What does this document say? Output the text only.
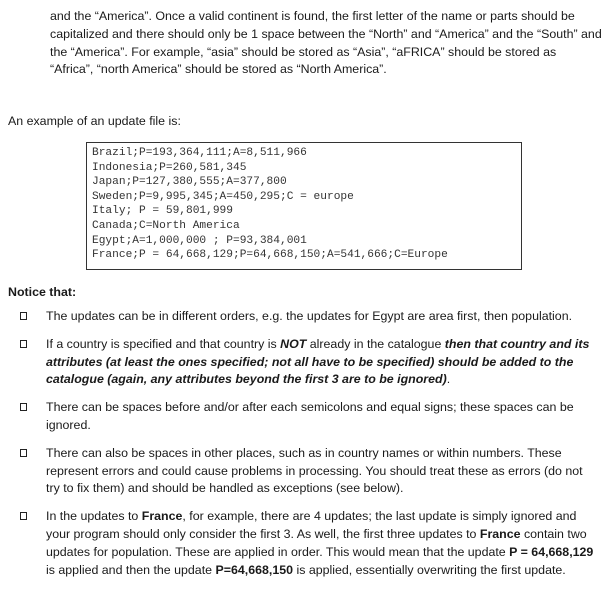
and the “America”. Once a valid continent is found, the first letter of the name or parts should be capitalized and there should only be 1 space between the “North” and “America” and the “South” and the “America”. For example, “asia” should be stored as “Asia”, “aFRICA” should be stored as “Africa”, “north America” should be stored as “North America”.
An example of an update file is:
Brazil;P=193,364,111;A=8,511,966
Indonesia;P=260,581,345
Japan;P=127,380,555;A=377,800
Sweden;P=9,995,345;A=450,295;C = europe
Italy; P = 59,801,999
Canada;C=North America
Egypt;A=1,000,000 ; P=93,384,001
France;P = 64,668,129;P=64,668,150;A=541,666;C=Europe
Notice that:
The updates can be in different orders, e.g. the updates for Egypt are area first, then population.
If a country is specified and that country is NOT already in the catalogue then that country and its attributes (at least the ones specified; not all have to be specified) should be added to the catalogue (again, any attributes beyond the first 3 are to be ignored).
There can be spaces before and/or after each semicolons and equal signs; these spaces can be ignored.
There can also be spaces in other places, such as in country names or within numbers. These represent errors and could cause problems in processing. You should treat these as errors (do not try to fix them) and should be handled as exceptions (see below).
In the updates to France, for example, there are 4 updates; the last update is simply ignored and your program should only consider the first 3. As well, the first three updates to France contain two updates for population. These are applied in order. This would mean that the update P = 64,668,129 is applied and then the update P=64,668,150 is applied, essentially overwriting the first update.
